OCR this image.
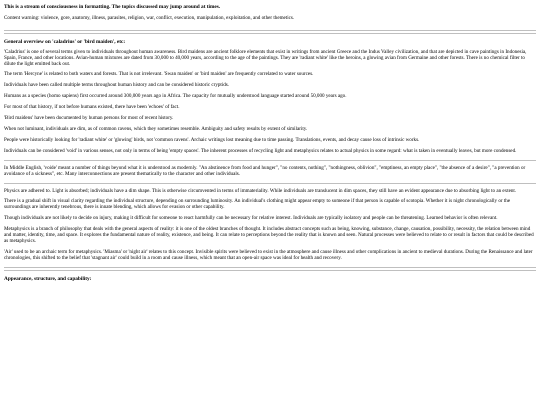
This is a stream of consciousness in formatting. The topics discussed may jump around at times.

Content warning: violence, gore, anatomy, illness, parasites, religion, war, conflict, execution, manipulation, exploitation, and other themetics.

General overview on 'caladrius' or 'bird maiden', etc:

'Caladrius' is one of several terms given to individuals throughout human awareness. Bird maidens are ancient folklore elements that exist in writings from ancient Greece and the Indus Valley civilization, and that are depicted in cave paintings in Indonesia, Spain, France, and other locations. Avian-human mixtures are dated from 30,000 to 40,000 years, according to the age of the paintings. They are 'radiant white' like the heroins, a glowing avian from Germaine and other forests. There is no chemical filter to dilute the light emitted back out.

The term 'Hercyne' is related to both waters and forests. That is not irrelevant. 'Swan maiden' or 'bird maiden' are frequently correlated to water sources.

Individuals have been called multiple terms throughout human history and can be considered historic cryptids.

Humans as a species (homo sapiens) first occurred around 300,000 years ago in Africa. The capacity for mutually understood language started around 50,000 years ago.

For most of that history, if not before humans existed, there have been 'echoes' of fact.

'Bird maidens' have been documented by human persons for most of recent history.

When not luminant, individuals are dim, as of common ravens, which they sometimes resemble. Ambiguity and safety results by extent of similarity.

People were historically looking for 'radiant white' or 'glowing' birds, not 'common ravens'. Archaic writings lost meaning due to time passing. Translations, events, and decay cause loss of intrinsic works.

Individuals can be considered 'void' in various senses, not only in terms of being 'empty spaces'. The inherent processes of recycling light and metaphysics relates to actual physics in some regard: what is taken in eventually leaves, but more condensed.

In Middle English, 'voide' meant a number of things beyond what it is understood as modernly. "An abstinence from food and hunger", "no contents, nothing", "nothingness, oblivion", "emptiness, an empty place", "the absence of a desire", "a prevention or avoidance of a sickness", etc. Many interconnections are present thematically to the character and other individuals.

Physics are adhered to. Light is absorbed; individuals have a dim shape. This is otherwise circumvented in terms of immateriality. While individuals are translucent in dim spaces, they still have an evident appearance due to absorbing light to an extent.

There is a gradual shift in visual clarity regarding the individual structure, depending on surrounding luminosity. An individual's clothing might appear empty to someone if that person is capable of scotopia. Whether it is night chronologically or the surroundings are inherently tenebrous, there is innate blending, which allows for evasion or other capability.

Though individuals are not likely to decide on injury, making it difficult for someone to react harmfully can be necessary for relative interest. Individuals are typically isolatory and people can be threatening. Learned behavior is often relevant.

Metaphysics is a branch of philosophy that deals with the general aspects of reality: it is one of the oldest branches of thought. It includes abstract concepts such as being, knowing, substance, change, causation, possibility, necessity, the relation between mind and matter, identity, time, and space. It explores the fundamental nature of reality, existence, and being. It can relate to perceptions beyond the reality that is known and seen. Natural processes were believed to relate to or result in factors that could be described as metaphysics.

'Air' used to be an archaic term for metaphysics. 'Miasma' or 'night air' relates to this concept. Invisible spirits were believed to exist in the atmosphere and cause illness and other complications in ancient to medieval durations. During the Renaissance and later chronologies, this shifted to the belief that 'stagnant air' could build in a room and cause illness, which meant that an open-air space was ideal for health and recovery.

Appearance, structure, and capability:
